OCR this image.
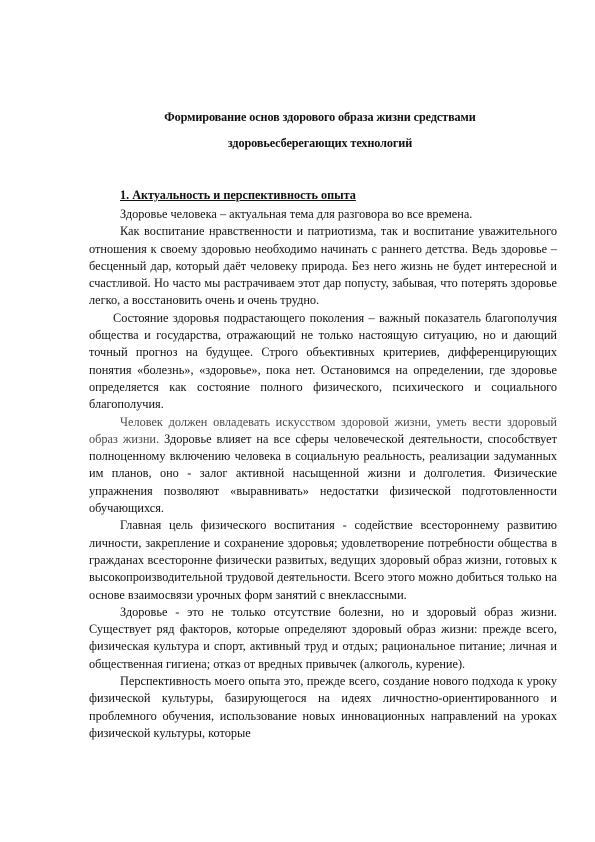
Формирование основ здорового образа жизни средствами
здоровьесберегающих технологий
1. Актуальность и перспективность опыта

Здоровье человека – актуальная тема для разговора во все времена.

Как воспитание нравственности и патриотизма, так и воспитание уважительного отношения к своему здоровью необходимо начинать с раннего детства. Ведь здоровье – бесценный дар, который даёт человеку природа. Без него жизнь не будет интересной и счастливой. Но часто мы растрачиваем этот дар попусту, забывая, что потерять здоровье легко, а восстановить очень и очень трудно.

Состояние здоровья подрастающего поколения – важный показатель благополучия общества и государства, отражающий не только настоящую ситуацию, но и дающий точный прогноз на будущее. Строго объективных критериев, дифференцирующих понятия «болезнь», «здоровье», пока нет. Остановимся на определении, где здоровье определяется как состояние полного физического, психического и социального благополучия.

Человек должен овладевать искусством здоровой жизни, уметь вести здоровый образ жизни. Здоровье влияет на все сферы человеческой деятельности, способствует полноценному включению человека в социальную реальность, реализации задуманных им планов, оно - залог активной насыщенной жизни и долголетия. Физические упражнения позволяют «выравнивать» недостатки физической подготовленности обучающихся.

Главная цель физического воспитания - содействие всестороннему развитию личности, закрепление и сохранение здоровья; удовлетворение потребности общества в гражданах всесторонне физически развитых, ведущих здоровый образ жизни, готовых к высокопроизводительной трудовой деятельности. Всего этого можно добиться только на основе взаимосвязи урочных форм занятий с внеклассными.

Здоровье - это не только отсутствие болезни, но и здоровый образ жизни. Существует ряд факторов, которые определяют здоровый образ жизни: прежде всего, физическая культура и спорт, активный труд и отдых; рациональное питание; личная и общественная гигиена; отказ от вредных привычек (алкоголь, курение).

Перспективность моего опыта это, прежде всего, создание нового подхода к уроку физической культуры, базирующегося на идеях личностно-ориентированного и проблемного обучения, использование новых инновационных направлений на уроках физической культуры, которые
